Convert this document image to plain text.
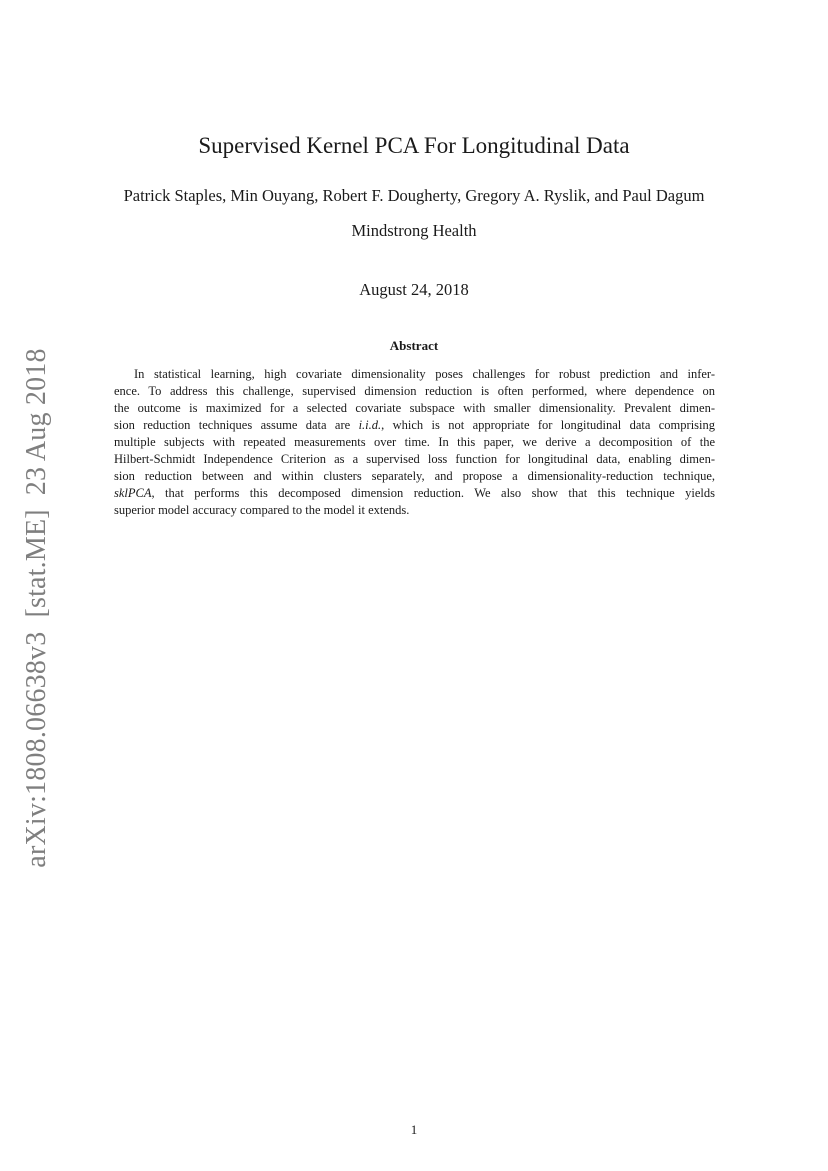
arXiv:1808.06638v3[stat.ME]23 Aug 2018
Supervised Kernel PCA For Longitudinal Data
Patrick Staples, Min Ouyang, Robert F. Dougherty, Gregory A. Ryslik, and Paul Dagum
Mindstrong Health
August 24, 2018
Abstract
In statistical learning, high covariate dimensionality poses challenges for robust prediction and infer-
ence. To address this challenge, supervised dimension reduction is often performed, where dependence on
the outcome is maximized for a selected covariate subspace with smaller dimensionality. Prevalent dimen-
sion reduction techniques assume data are i.i.d., which is not appropriate for longitudinal data comprising
multiple subjects with repeated measurements over time. In this paper, we derive a decomposition of the
Hilbert-Schmidt Independence Criterion as a supervised loss function for longitudinal data, enabling dimen-
sion reduction between and within clusters separately, and propose a dimensionality-reduction technique,
sklPCA, that performs this decomposed dimension reduction. We also show that this technique yields
superior model accuracy compared to the model it extends.
1
